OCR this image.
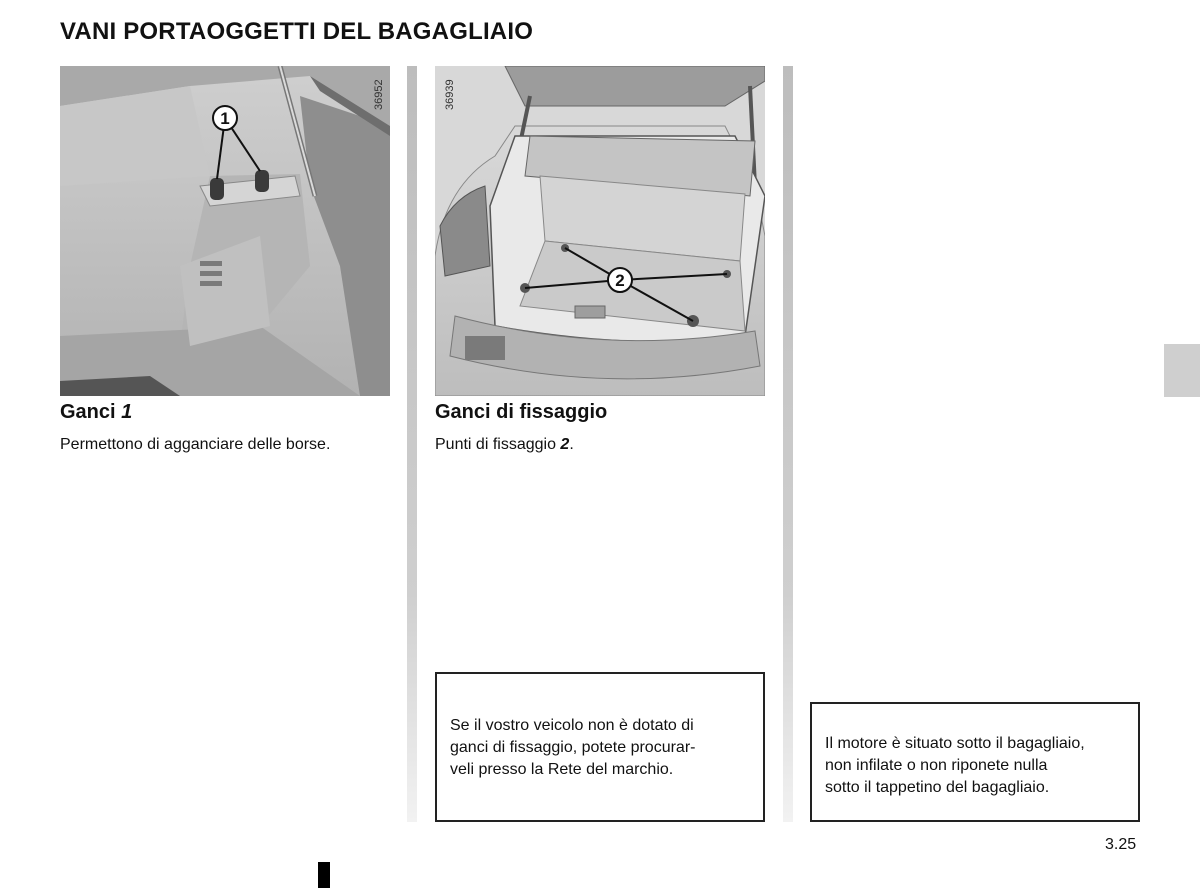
VANI PORTAOGGETTI DEL BAGAGLIAIO
1
36952
2
36939
Ganci 1
Permettono di agganciare delle borse.
Ganci di fissaggio
Punti di fissaggio 2.
Se il vostro veicolo non è dotato di
ganci di fissaggio, potete procurar-
veli presso la Rete del marchio.
Il motore è situato sotto il bagagliaio,
non infilate o non riponete nulla
sotto il tappetino del bagagliaio.
3.25
